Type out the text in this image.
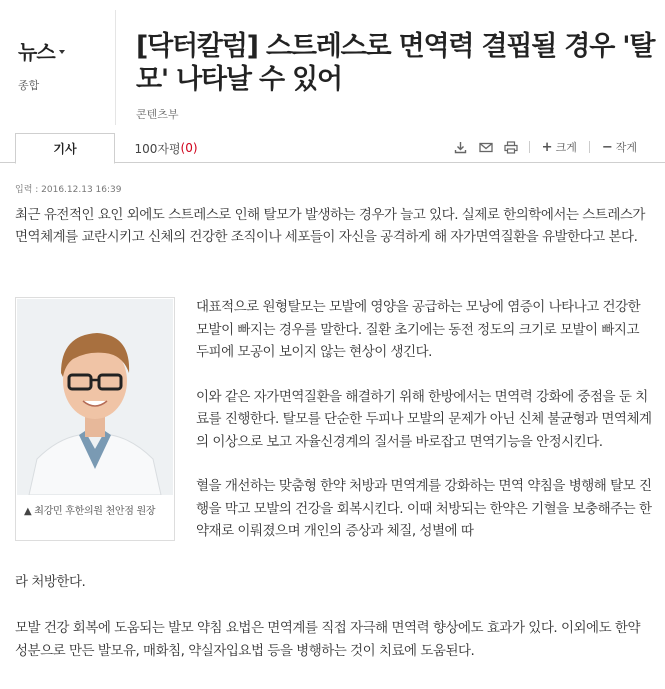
뉴스
종합
[닥터칼럼] 스트레스로 면역력 결핍될 경우 '탈모' 나타날 수 있어
콘텐츠부
기사	100자평 (0)	+ 크게 − 작게
입력 : 2016.12.13 16:39

최근 유전적인 요인 외에도 스트레스로 인해 탈모가 발생하는 경우가 늘고 있다. 실제로 한의학에서는 스트레스가 면역체계를 교란시키고 신체의 건강한 조직이나 세포들이 자신을 공격하게 해 자가면역질환을 유발한다고 본다.

▲ 최강민 후한의원 천안점 원장

대표적으로 원형탈모는 모발에 영양을 공급하는 모낭에 염증이 나타나고 건강한 모발이 빠지는 경우를 말한다. 질환 초기에는 동전 정도의 크기로 모발이 빠지고 두피에 모공이 보이지 않는 현상이 생긴다.

이와 같은 자가면역질환을 해결하기 위해 한방에서는 면역력 강화에 중점을 둔 치료를 진행한다. 탈모를 단순한 두피나 모발의 문제가 아닌 신체 불균형과 면역체계의 이상으로 보고 자율신경계의 질서를 바로잡고 면역기능을 안정시킨다.

혈을 개선하는 맞춤형 한약 처방과 면역계를 강화하는 면역 약침을 병행해 탈모 진행을 막고 모발의 건강을 회복시킨다. 이때 처방되는 한약은 기혈을 보충해주는 한약재로 이뤄졌으며 개인의 증상과 체질, 성별에 따

라 처방한다.
모발 건강 회복에 도움되는 발모 약침 요법은 면역계를 직접 자극해 면역력 향상에도 효과가 있다. 이외에도 한약 성분으로 만든 발모유, 매화침, 약실자입요법 등을 병행하는 것이 치료에 도움된다.
